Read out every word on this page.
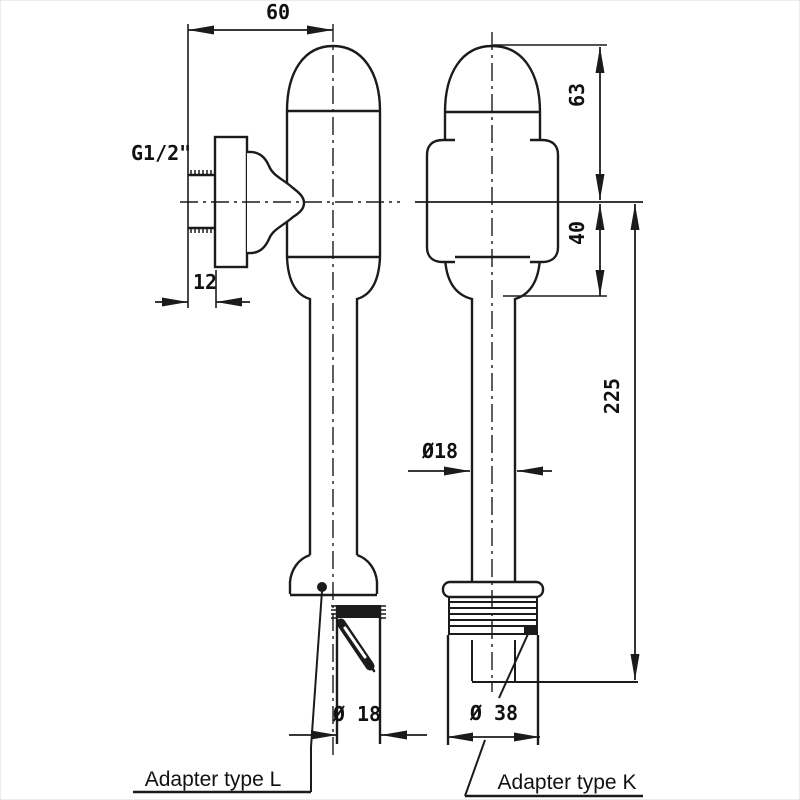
60
G1/2"
12
63
40
225
Ø18
Ø 18	Ø 38
Adapter type L	Adapter type K
